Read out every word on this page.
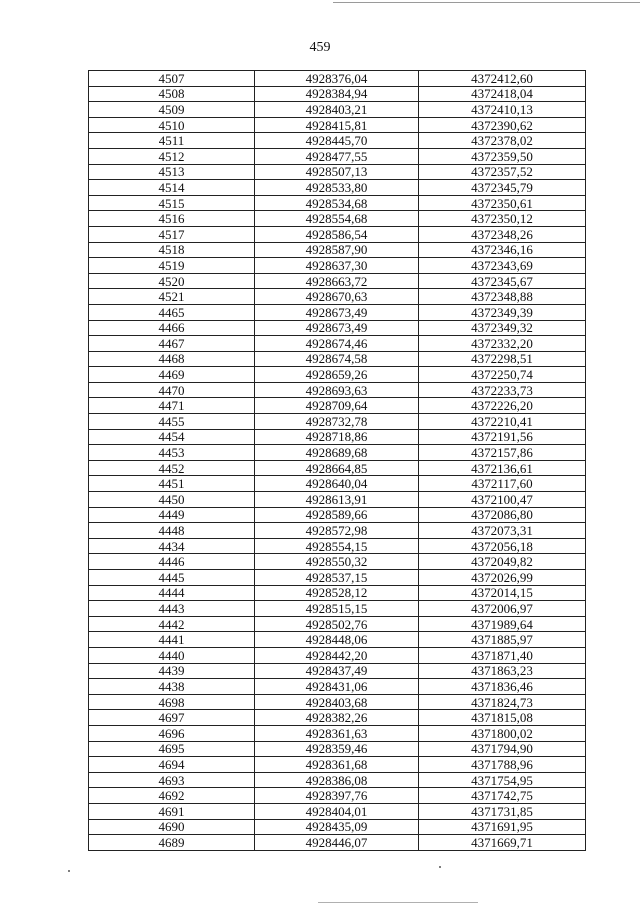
459
4507	4928376,04	4372412,60
4508	4928384,94	4372418,04
4509	4928403,21	4372410,13
4510	4928415,81	4372390,62
4511	4928445,70	4372378,02
4512	4928477,55	4372359,50
4513	4928507,13	4372357,52
4514	4928533,80	4372345,79
4515	4928534,68	4372350,61
4516	4928554,68	4372350,12
4517	4928586,54	4372348,26
4518	4928587,90	4372346,16
4519	4928637,30	4372343,69
4520	4928663,72	4372345,67
4521	4928670,63	4372348,88
4465	4928673,49	4372349,39
4466	4928673,49	4372349,32
4467	4928674,46	4372332,20
4468	4928674,58	4372298,51
4469	4928659,26	4372250,74
4470	4928693,63	4372233,73
4471	4928709,64	4372226,20
4455	4928732,78	4372210,41
4454	4928718,86	4372191,56
4453	4928689,68	4372157,86
4452	4928664,85	4372136,61
4451	4928640,04	4372117,60
4450	4928613,91	4372100,47
4449	4928589,66	4372086,80
4448	4928572,98	4372073,31
4434	4928554,15	4372056,18
4446	4928550,32	4372049,82
4445	4928537,15	4372026,99
4444	4928528,12	4372014,15
4443	4928515,15	4372006,97
4442	4928502,76	4371989,64
4441	4928448,06	4371885,97
4440	4928442,20	4371871,40
4439	4928437,49	4371863,23
4438	4928431,06	4371836,46
4698	4928403,68	4371824,73
4697	4928382,26	4371815,08
4696	4928361,63	4371800,02
4695	4928359,46	4371794,90
4694	4928361,68	4371788,96
4693	4928386,08	4371754,95
4692	4928397,76	4371742,75
4691	4928404,01	4371731,85
4690	4928435,09	4371691,95
4689	4928446,07	4371669,71
